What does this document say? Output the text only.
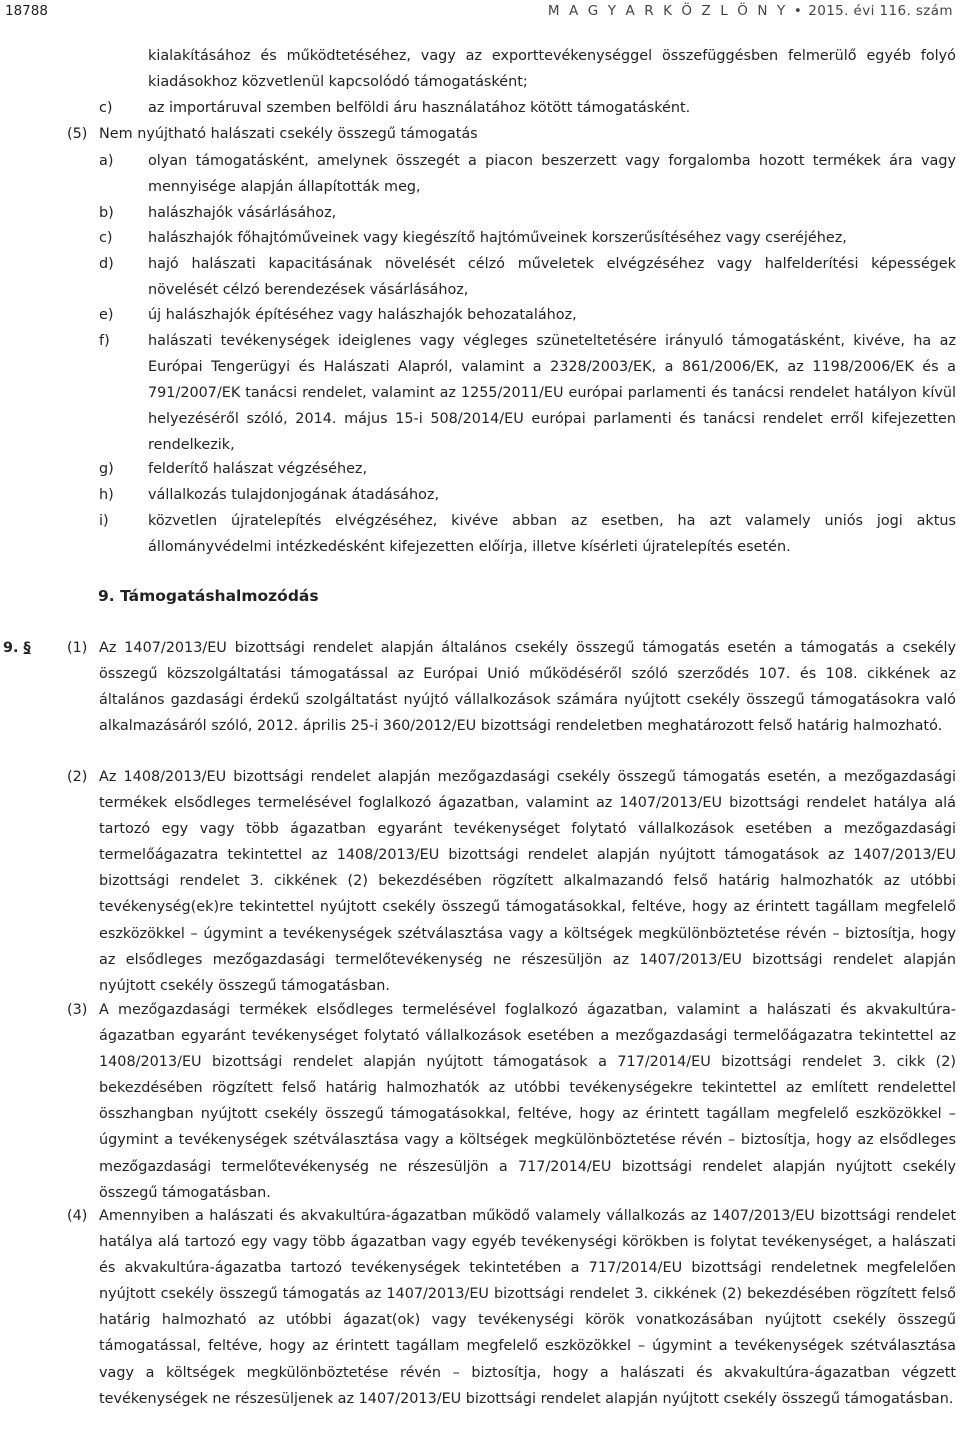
18788	M A G Y A R K Ö Z L Ö N Y • 2015. évi 116. szám
kialakításához és működtetéséhez, vagy az exporttevékenységgel összefüggésben felmerülő egyéb folyó kiadásokhoz közvetlenül kapcsolódó támogatásként;
c) az importáruval szemben belföldi áru használatához kötött támogatásként.
(5) Nem nyújtható halászati csekély összegű támogatás
a) olyan támogatásként, amelynek összegét a piacon beszerzett vagy forgalomba hozott termékek ára vagy mennyisége alapján állapították meg,
b) halászhajók vásárlásához,
c) halászhajók főhajtóműveinek vagy kiegészítő hajtóműveinek korszerűsítéséhez vagy cseréjéhez,
d) hajó halászati kapacitásának növelését célzó műveletek elvégzéséhez vagy halfelderítési képességek növelését célzó berendezések vásárlásához,
e) új halászhajók építéséhez vagy halászhajók behozatalához,
f)	halászati tevékenységek ideiglenes vagy végleges szüneteltetésére irányuló támogatásként, kivéve, ha az Európai Tengerügyi és Halászati Alapról, valamint a 2328/2003/EK, a 861/2006/EK, az 1198/2006/EK és a 791/2007/EK tanácsi rendelet, valamint az 1255/2011/EU európai parlamenti és tanácsi rendelet hatályon kívül helyezéséről szóló, 2014. május 15-i 508/2014/EU európai parlamenti és tanácsi rendelet erről kifejezetten rendelkezik,
g) felderítő halászat végzéséhez,
h) vállalkozás tulajdonjogának átadásához,
i)	közvetlen újratelepítés elvégzéséhez, kivéve abban az esetben, ha azt valamely uniós jogi aktus állományvédelmi intézkedésként kifejezetten előírja, illetve kísérleti újratelepítés esetén.
9. Támogatáshalmozódás
9. §	(1) Az 1407/2013/EU bizottsági rendelet alapján általános csekély összegű támogatás esetén a támogatás a csekély összegű közszolgáltatási támogatással az Európai Unió működéséről szóló szerződés 107. és 108. cikkének az általános gazdasági érdekű szolgáltatást nyújtó vállalkozások számára nyújtott csekély összegű támogatásokra való alkalmazásáról szóló, 2012. április 25-i 360/2012/EU bizottsági rendeletben meghatározott felső határig halmozható.
(2) Az 1408/2013/EU bizottsági rendelet alapján mezőgazdasági csekély összegű támogatás esetén, a mezőgazdasági termékek elsődleges termelésével foglalkozó ágazatban, valamint az 1407/2013/EU bizottsági rendelet hatálya alá tartozó egy vagy több ágazatban egyaránt tevékenységet folytató vállalkozások esetében a mezőgazdasági termelőágazatra tekintettel az 1408/2013/EU bizottsági rendelet alapján nyújtott támogatások az 1407/2013/EU bizottsági rendelet 3. cikkének (2) bekezdésében rögzített alkalmazandó felső határig halmozhatók az utóbbi tevékenység(ek)re tekintettel nyújtott csekély összegű támogatásokkal, feltéve, hogy az érintett tagállam megfelelő eszközökkel – úgymint a tevékenységek szétválasztása vagy a költségek megkülönböztetése révén – biztosítja, hogy az elsődleges mezőgazdasági termelőtevékenység ne részesüljön az 1407/2013/EU bizottsági rendelet alapján nyújtott csekély összegű támogatásban.
(3) A mezőgazdasági termékek elsődleges termelésével foglalkozó ágazatban, valamint a halászati és akvakultúra-ágazatban egyaránt tevékenységet folytató vállalkozások esetében a mezőgazdasági termelőágazatra tekintettel az 1408/2013/EU bizottsági rendelet alapján nyújtott támogatások a 717/2014/EU bizottsági rendelet 3. cikk (2) bekezdésében rögzített felső határig halmozhatók az utóbbi tevékenységekre tekintettel az említett rendelettel összhangban nyújtott csekély összegű támogatásokkal, feltéve, hogy az érintett tagállam megfelelő eszközökkel – úgymint a tevékenységek szétválasztása vagy a költségek megkülönböztetése révén – biztosítja, hogy az elsődleges mezőgazdasági termelőtevékenység ne részesüljön a 717/2014/EU bizottsági rendelet alapján nyújtott csekély összegű támogatásban.
(4) Amennyiben a halászati és akvakultúra-ágazatban működő valamely vállalkozás az 1407/2013/EU bizottsági rendelet hatálya alá tartozó egy vagy több ágazatban vagy egyéb tevékenységi körökben is folytat tevékenységet, a halászati és akvakultúra-ágazatba tartozó tevékenységek tekintetében a 717/2014/EU bizottsági rendeletnek megfelelően nyújtott csekély összegű támogatás az 1407/2013/EU bizottsági rendelet 3. cikkének (2) bekezdésében rögzített felső határig halmozható az utóbbi ágazat(ok) vagy tevékenységi körök vonatkozásában nyújtott csekély összegű támogatással, feltéve, hogy az érintett tagállam megfelelő eszközökkel – úgymint a tevékenységek szétválasztása vagy a költségek megkülönböztetése révén – biztosítja, hogy a halászati és akvakultúra-ágazatban végzett tevékenységek ne részesüljenek az 1407/2013/EU bizottsági rendelet alapján nyújtott csekély összegű támogatásban.
